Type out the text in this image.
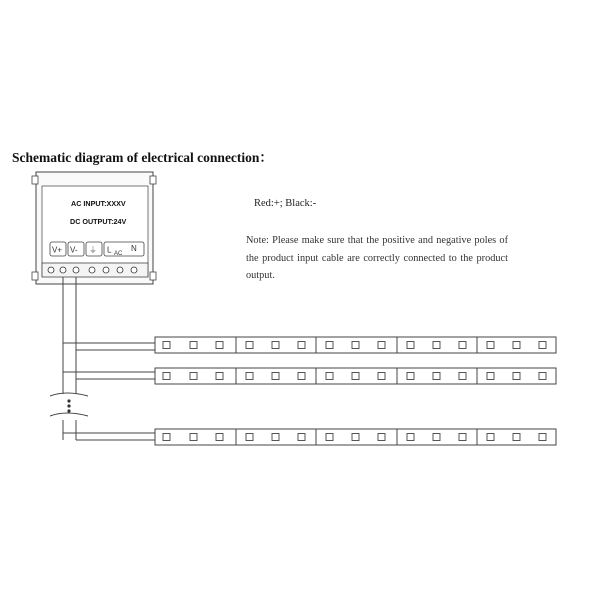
Schematic diagram of electrical connection：
Red:+; Black:-
Note: Please make sure that the positive and negative poles of the product input cable are correctly connected to the product output.
AC INPUT:XXXV
DC OUTPUT:24V
V+ V- ⏚ L AC
N
